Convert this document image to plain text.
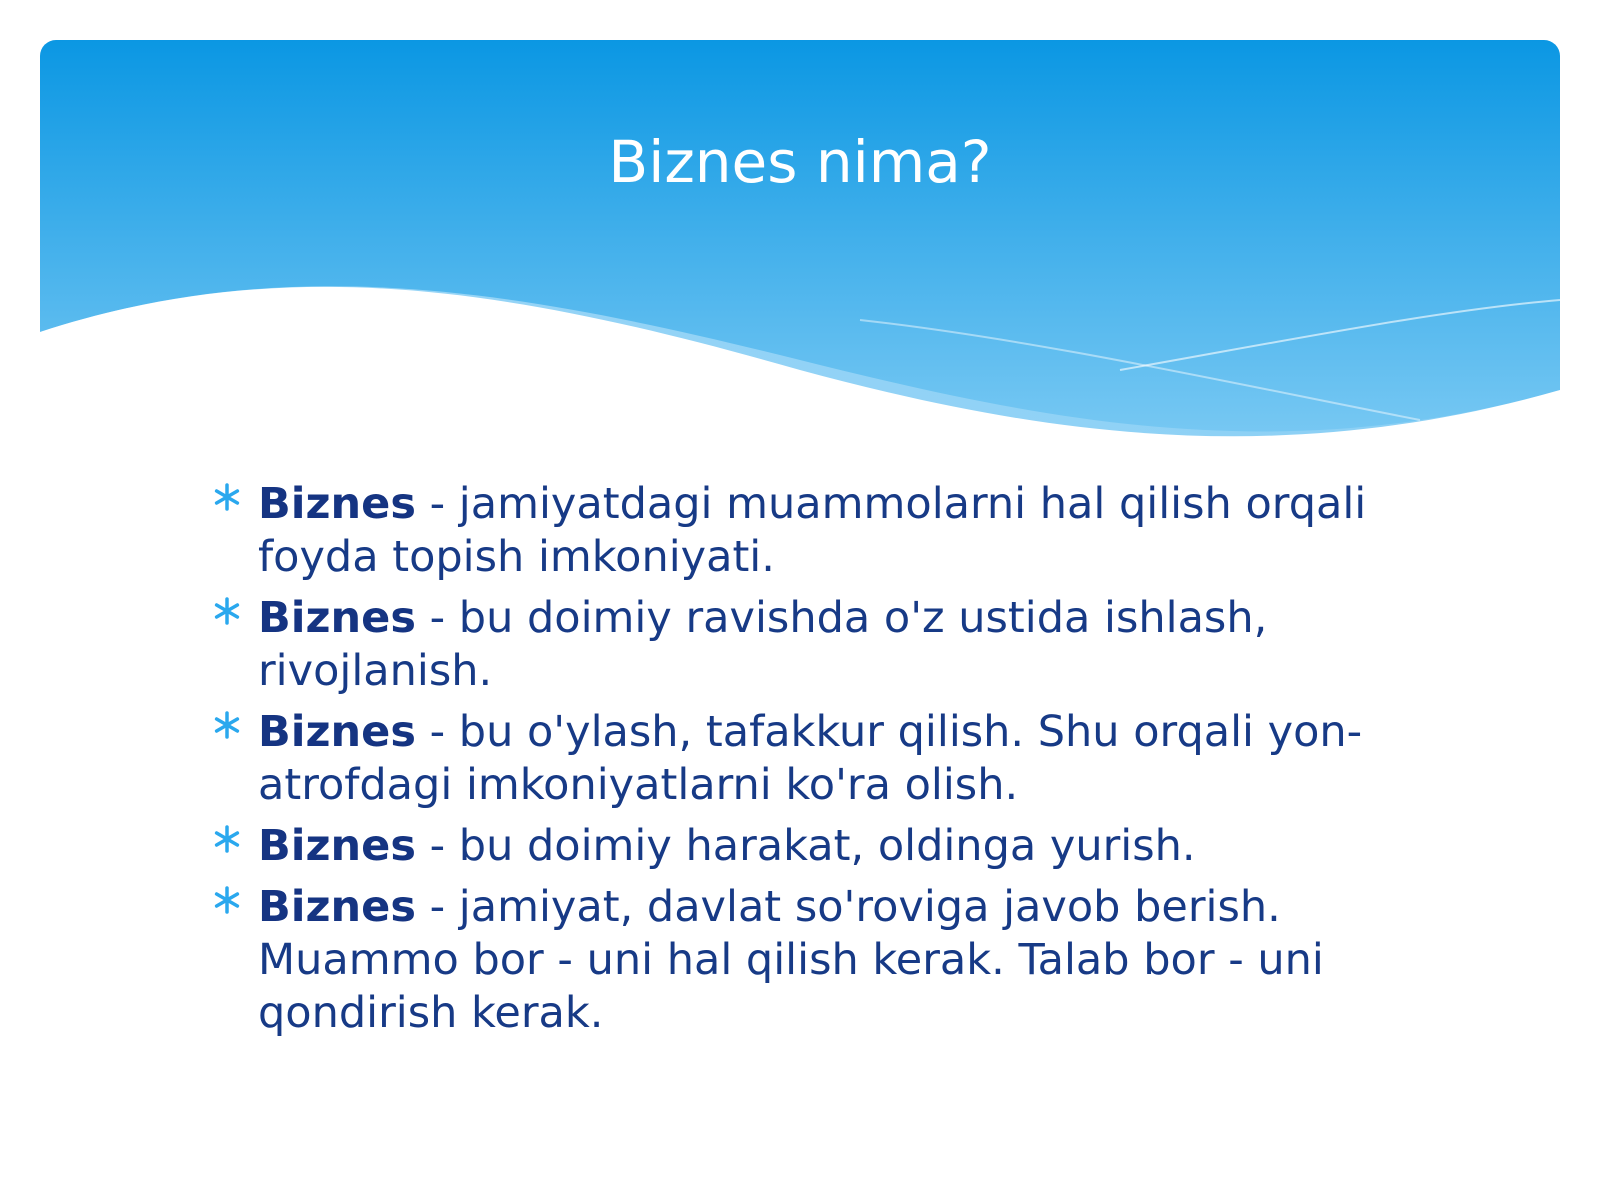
Biznes nima?
Biznes - jamiyatdagi muammolarni hal qilish orqali foyda topish imkoniyati.
Biznes - bu doimiy ravishda o'z ustida ishlash, rivojlanish.
Biznes - bu o'ylash, tafakkur qilish. Shu orqali yon-atrofdagi imkoniyatlarni ko'ra olish.
Biznes - bu doimiy harakat, oldinga yurish.
Biznes - jamiyat, davlat so'roviga javob berish. Muammo bor - uni hal qilish kerak. Talab bor - uni qondirish kerak.
